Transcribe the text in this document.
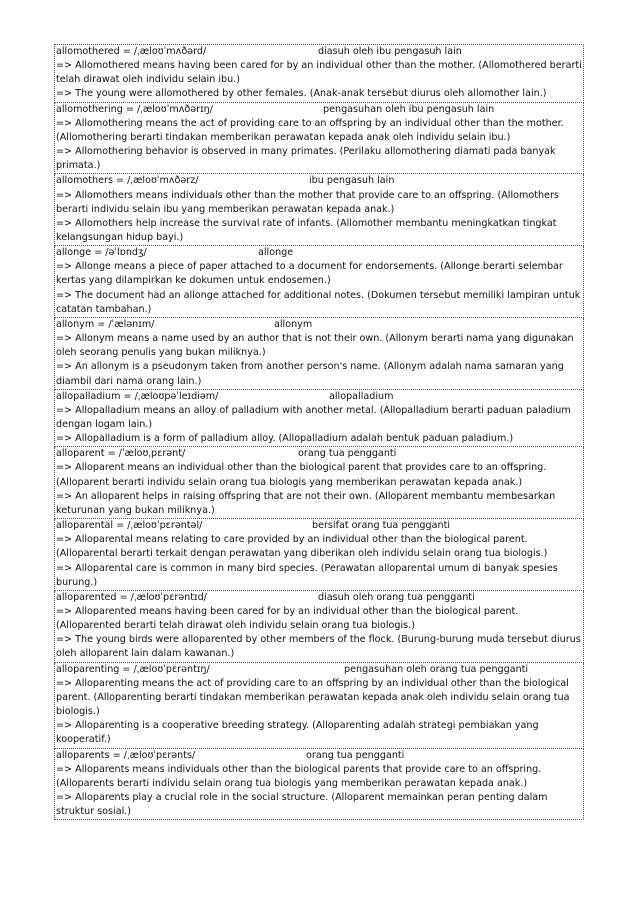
allomothered = /ˌæloʊˈmʌðərd/	diasuh oleh ibu pengasuh lain
=> Allomothered means having been cared for by an individual other than the mother. (Allomothered berarti telah dirawat oleh individu selain ibu.)
=> The young were allomothered by other females. (Anak-anak tersebut diurus oleh allomother lain.)
allomothering = /ˌæloʊˈmʌðərɪŋ/	pengasuhan oleh ibu pengasuh lain
=> Allomothering means the act of providing care to an offspring by an individual other than the mother. (Allomothering berarti tindakan memberikan perawatan kepada anak oleh individu selain ibu.)
=> Allomothering behavior is observed in many primates. (Perilaku allomothering diamati pada banyak primata.)
allomothers = /ˌæloʊˈmʌðərz/	ibu pengasuh lain
=> Allomothers means individuals other than the mother that provide care to an offspring. (Allomothers berarti individu selain ibu yang memberikan perawatan kepada anak.)
=> Allomothers help increase the survival rate of infants. (Allomother membantu meningkatkan tingkat kelangsungan hidup bayi.)
allonge = /əˈlɒndʒ/	allonge
=> Allonge means a piece of paper attached to a document for endorsements. (Allonge berarti selembar kertas yang dilampirkan ke dokumen untuk endosemen.)
=> The document had an allonge attached for additional notes. (Dokumen tersebut memiliki lampiran untuk catatan tambahan.)
allonym = /ˈælənɪm/	allonym
=> Allonym means a name used by an author that is not their own. (Allonym berarti nama yang digunakan oleh seorang penulis yang bukan miliknya.)
=> An allonym is a pseudonym taken from another person's name. (Allonym adalah nama samaran yang diambil dari nama orang lain.)
allopalladium = /ˌæloʊpəˈleɪdiəm/	allopalladium
=> Allopalladium means an alloy of palladium with another metal. (Allopalladium berarti paduan paladium dengan logam lain.)
=> Allopalladium is a form of palladium alloy. (Allopalladium adalah bentuk paduan paladium.)
alloparent = /ˈæloʊˌpɛrənt/	orang tua pengganti
=> Alloparent means an individual other than the biological parent that provides care to an offspring. (Alloparent berarti individu selain orang tua biologis yang memberikan perawatan kepada anak.)
=> An alloparent helps in raising offspring that are not their own. (Alloparent membantu membesarkan keturunan yang bukan miliknya.)
alloparental = /ˌæloʊˈpɛrəntəl/	bersifat orang tua pengganti
=> Alloparental means relating to care provided by an individual other than the biological parent. (Alloparental berarti terkait dengan perawatan yang diberikan oleh individu selain orang tua biologis.)
=> Alloparental care is common in many bird species. (Perawatan alloparental umum di banyak spesies burung.)
alloparented = /ˌæloʊˈpɛrəntɪd/	diasuh oleh orang tua pengganti
=> Alloparented means having been cared for by an individual other than the biological parent. (Alloparented berarti telah dirawat oleh individu selain orang tua biologis.)
=> The young birds were alloparented by other members of the flock. (Burung-burung muda tersebut diurus oleh alloparent lain dalam kawanan.)
alloparenting = /ˌæloʊˈpɛrəntɪŋ/	pengasuhan oleh orang tua pengganti
=> Alloparenting means the act of providing care to an offspring by an individual other than the biological parent. (Alloparenting berarti tindakan memberikan perawatan kepada anak oleh individu selain orang tua biologis.)
=> Alloparenting is a cooperative breeding strategy. (Alloparenting adalah strategi pembiakan yang kooperatif.)
alloparents = /ˌæloʊˈpɛrənts/	orang tua pengganti
=> Alloparents means individuals other than the biological parents that provide care to an offspring. (Alloparents berarti individu selain orang tua biologis yang memberikan perawatan kepada anak.)
=> Alloparents play a crucial role in the social structure. (Alloparent memainkan peran penting dalam struktur sosial.)
